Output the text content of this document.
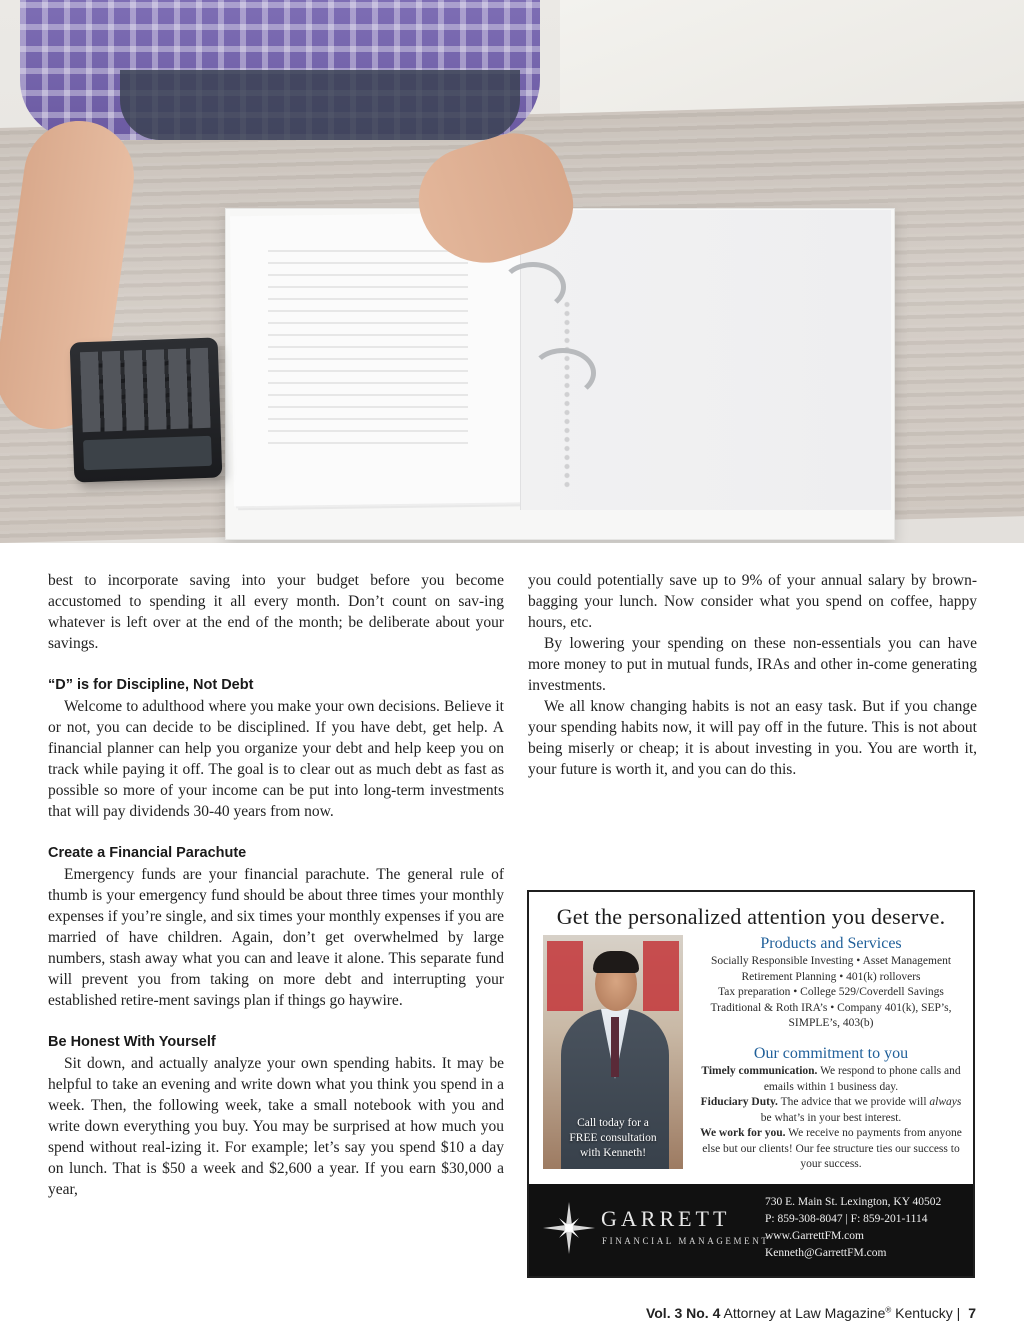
best to incorporate saving into your budget before you become accustomed to spending it all every month. Don’t count on sav-ing whatever is left over at the end of the month; be deliberate about your savings.

“D” is for Discipline, Not Debt

Welcome to adulthood where you make your own decisions. Believe it or not, you can decide to be disciplined. If you have debt, get help. A financial planner can help you organize your debt and help keep you on track while paying it off. The goal is to clear out as much debt as fast as possible so more of your income can be put into long-term investments that will pay dividends 30-40 years from now.

Create a Financial Parachute

Emergency funds are your financial parachute. The general rule of thumb is your emergency fund should be about three times your monthly expenses if you’re single, and six times your monthly expenses if you are married of have children. Again, don’t get overwhelmed by large numbers, stash away what you can and leave it alone. This separate fund will prevent you from taking on more debt and interrupting your established retire-ment savings plan if things go haywire.

Be Honest With Yourself

Sit down, and actually analyze your own spending habits. It may be helpful to take an evening and write down what you think you spend in a week. Then, the following week, take a small notebook with you and write down everything you buy. You may be surprised at how much you spend without real-izing it. For example; let’s say you spend $10 a day on lunch. That is $50 a week and $2,600 a year. If you earn $30,000 a year,

you could potentially save up to 9% of your annual salary by brown-bagging your lunch. Now consider what you spend on coffee, happy hours, etc.

By lowering your spending on these non-essentials you can have more money to put in mutual funds, IRAs and other in-come generating investments.

We all know changing habits is not an easy task. But if you change your spending habits now, it will pay off in the future. This is not about being miserly or cheap; it is about investing in you. You are worth it, your future is worth it, and you can do this.

Get the personalized attention you deserve.
Call today for a
FREE consultation
with Kenneth!

Products and Services

Socially Responsible Investing • Asset Management

Retirement Planning • 401(k) rollovers

Tax preparation • College 529/Coverdell Savings

Traditional & Roth IRA’s • Company 401(k), SEP’s,

SIMPLE’s, 403(b)

Our commitment to you

Timely communication. We respond to phone calls and emails within 1 business day.

Fiduciary Duty. The advice that we provide will always be what’s in your best interest.

We work for you. We receive no payments from anyone else but our clients! Our fee structure ties our success to your success.

GARRETT
FINANCIAL MANAGEMENT
730 E. Main St. Lexington, KY 40502
P: 859-308-8047 | F: 859-201-1114
www.GarrettFM.com
Kenneth@GarrettFM.com
Vol. 3 No. 4 Attorney at Law Magazine® Kentucky | 7
